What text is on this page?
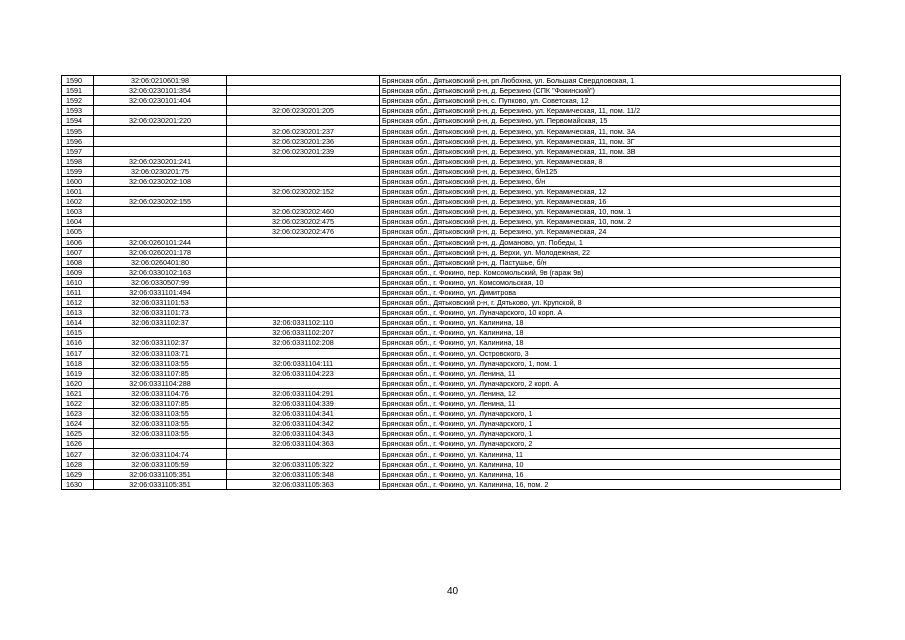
1590	32:06:0210601:98		Брянская обл., Дятьковский р-н, рп Любохна, ул. Большая Свердловская, 1
1591	32:06:0230101:354		Брянская обл., Дятьковский р-н, д. Березино (СПК "Фокинский")
1592	32:06:0230101:404		Брянская обл., Дятьковский р-н, с. Пупково, ул. Советская, 12
1593		32:06:0230201:205	Брянская обл., Дятьковский р-н, д. Березино, ул. Керамическая, 11, пом. 11/2
1594	32:06:0230201:220		Брянская обл., Дятьковский р-н, д. Березино, ул. Первомайская, 15
1595		32:06:0230201:237	Брянская обл., Дятьковский р-н, д. Березино, ул. Керамическая, 11, пом. 3А
1596		32:06:0230201:236	Брянская обл., Дятьковский р-н, д. Березино, ул. Керамическая, 11, пом. 3Г
1597		32:06:0230201:239	Брянская обл., Дятьковский р-н, д. Березино, ул. Керамическая, 11, пом. 3В
1598	32:06:0230201:241		Брянская обл., Дятьковский р-н, д. Березино, ул. Керамическая, 8
1599	32:06:0230201:75		Брянская обл., Дятьковский р-н, д. Березино, б/н125
1600	32:06:0230202:108		Брянская обл., Дятьковский р-н, д. Березино, б/н
1601		32:06:0230202:152	Брянская обл., Дятьковский р-н, д. Березино, ул. Керамическая, 12
1602	32:06:0230202:155		Брянская обл., Дятьковский р-н, д. Березино, ул. Керамическая, 16
1603		32:06:0230202:460	Брянская обл., Дятьковский р-н, д. Березино, ул. Керамическая, 10, пом. 1
1604		32:06:0230202:475	Брянская обл., Дятьковский р-н, д. Березино, ул. Керамическая, 10, пом. 2
1605		32:06:0230202:476	Брянская обл., Дятьковский р-н, д. Березино, ул. Керамическая, 24
1606	32:06:0260101:244		Брянская обл., Дятьковский р-н, д. Доманово, ул. Победы, 1
1607	32:06:0260201:178		Брянская обл., Дятьковский р-н, д. Верхи, ул. Молодежная, 22
1608	32:06:0260401:80		Брянская обл., Дятьковский р-н, д. Пастушье, б/н
1609	32:06:0330102:163		Брянская обл., г. Фокино, пер. Комсомольский, 9в (гараж 9в)
1610	32:06:0330507:99		Брянская обл., г. Фокино, ул. Комсомольская, 10
1611	32:06:0331101:494		Брянская обл., г. Фокино, ул. Димитрова
1612	32:06:0331101:53		Брянская обл., Дятьковский р-н, г. Дятьково, ул. Крупской, 8
1613	32:06:0331101:73		Брянская обл., г. Фокино, ул. Луначарского, 10 корп. А
1614	32:06:0331102:37	32:06:0331102:110	Брянская обл., г. Фокино, ул. Калинина, 18
1615		32:06:0331102:207	Брянская обл., г. Фокино, ул. Калинина, 18
1616	32:06:0331102:37	32:06:0331102:208	Брянская обл., г. Фокино, ул. Калинина, 18
1617	32:06:0331103:71		Брянская обл., г. Фокино, ул. Островского, 3
1618	32:06:0331103:55	32:06:0331104:111	Брянская обл., г. Фокино, ул. Луначарского, 1, пом. 1
1619	32:06:0331107:85	32:06:0331104:223	Брянская обл., г. Фокино, ул. Ленина, 11
1620	32:06:0331104:288		Брянская обл., г. Фокино, ул. Луначарского, 2 корп. А
1621	32:06:0331104:76	32:06:0331104:291	Брянская обл., г. Фокино, ул. Ленина, 12
1622	32:06:0331107:85	32:06:0331104:339	Брянская обл., г. Фокино, ул. Ленина, 11
1623	32:06:0331103:55	32:06:0331104:341	Брянская обл., г. Фокино, ул. Луначарского, 1
1624	32:06:0331103:55	32:06:0331104:342	Брянская обл., г. Фокино, ул. Луначарского, 1
1625	32:06:0331103:55	32:06:0331104:343	Брянская обл., г. Фокино, ул. Луначарского, 1
1626		32:06:0331104:363	Брянская обл., г. Фокино, ул. Луначарского, 2
1627	32:06:0331104:74		Брянская обл., г. Фокино, ул. Калинина, 11
1628	32:06:0331105:59	32:06:0331105:322	Брянская обл., г. Фокино, ул. Калинина, 10
1629	32:06:0331105:351	32:06:0331105:348	Брянская обл., г. Фокино, ул. Калинина, 16
1630	32:06:0331105:351	32:06:0331105:363	Брянская обл., г. Фокино, ул. Калинина, 16, пом. 2
40
